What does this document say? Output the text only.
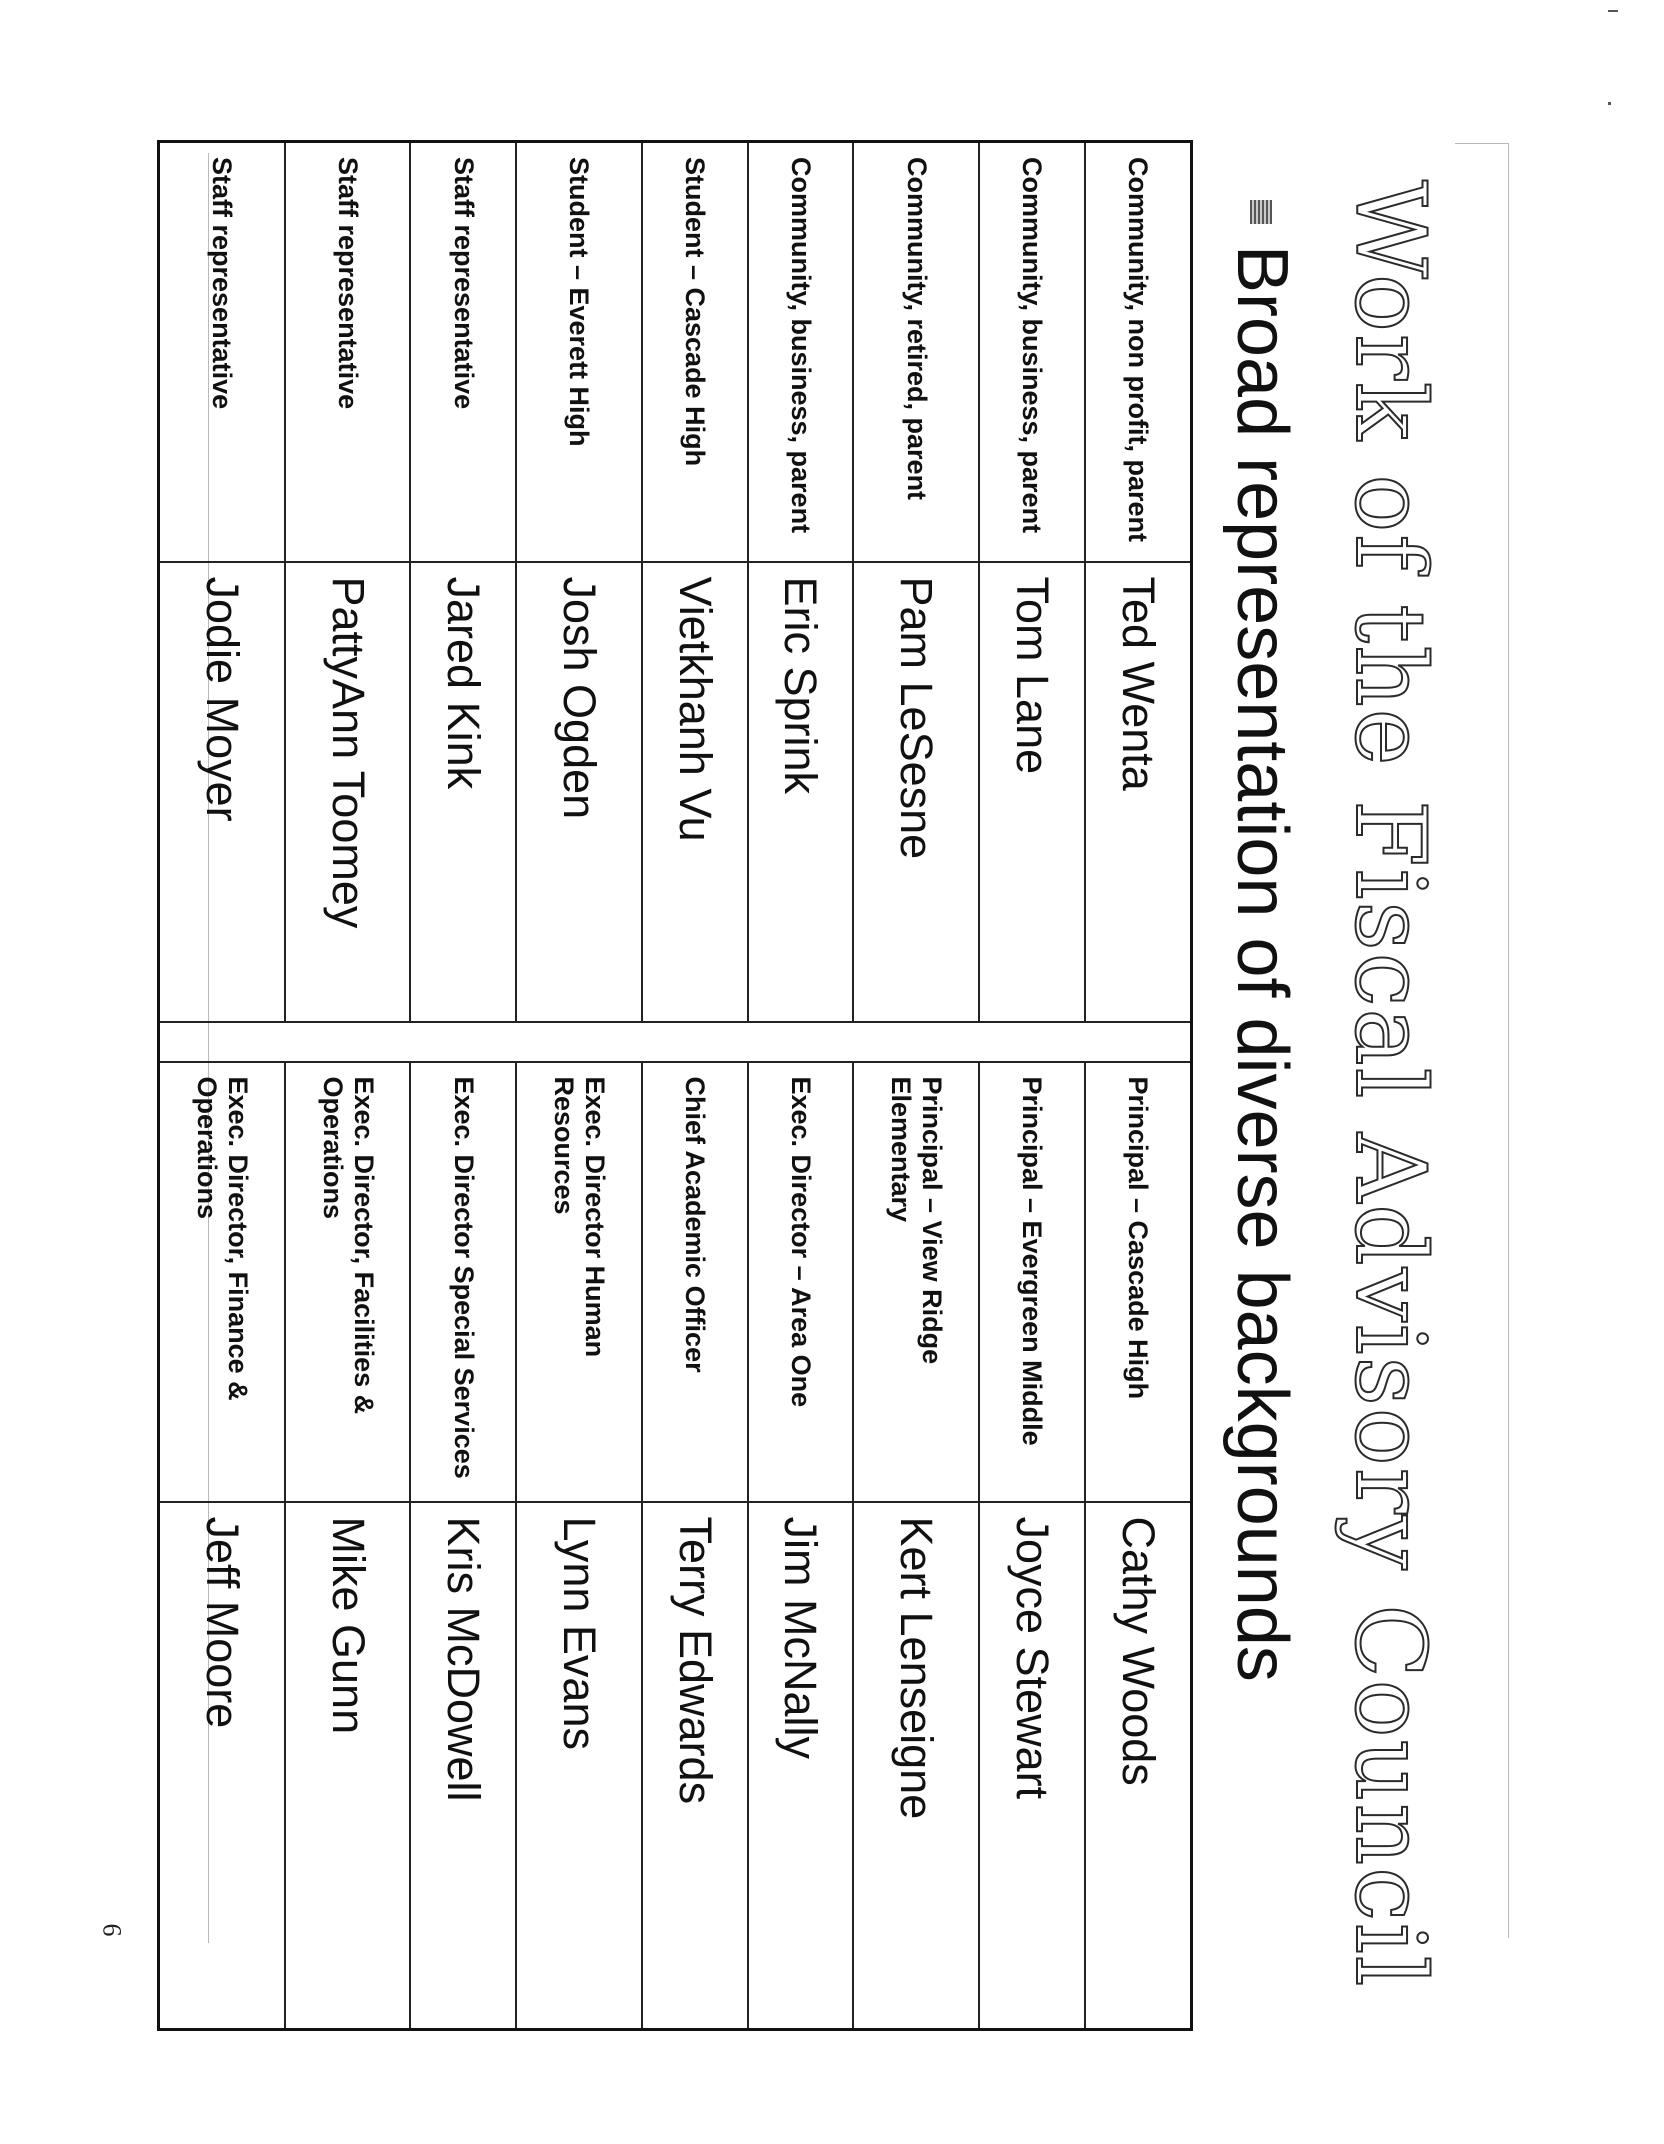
6	Work of the Fiscal Advisory Council
Broad representation of diverse backgrounds
Community, non profit, parent	Ted Wenta		Principal – Cascade High	Cathy Woods
Community, business, parent	Tom Lane		Principal – Evergreen Middle	Joyce Stewart
Community, retired, parent	Pam LeSesne		Principal – View Ridge Elementary	Kert Lenseigne
Community, business, parent	Eric Sprink		Exec. Director – Area One	Jim McNally
Student – Cascade High	Vietkhanh Vu		Chief Academic Officer	Terry Edwards
Student – Everett High	Josh Ogden		Exec. Director Human Resources	Lynn Evans
Staff representative	Jared Kink		Exec. Director Special Services	Kris McDowell
Staff representative	PattyAnn Toomey		Exec. Director, Facilities & Operations	Mike Gunn
Staff representative	Jodie Moyer		Exec. Director, Finance & Operations	Jeff Moore
